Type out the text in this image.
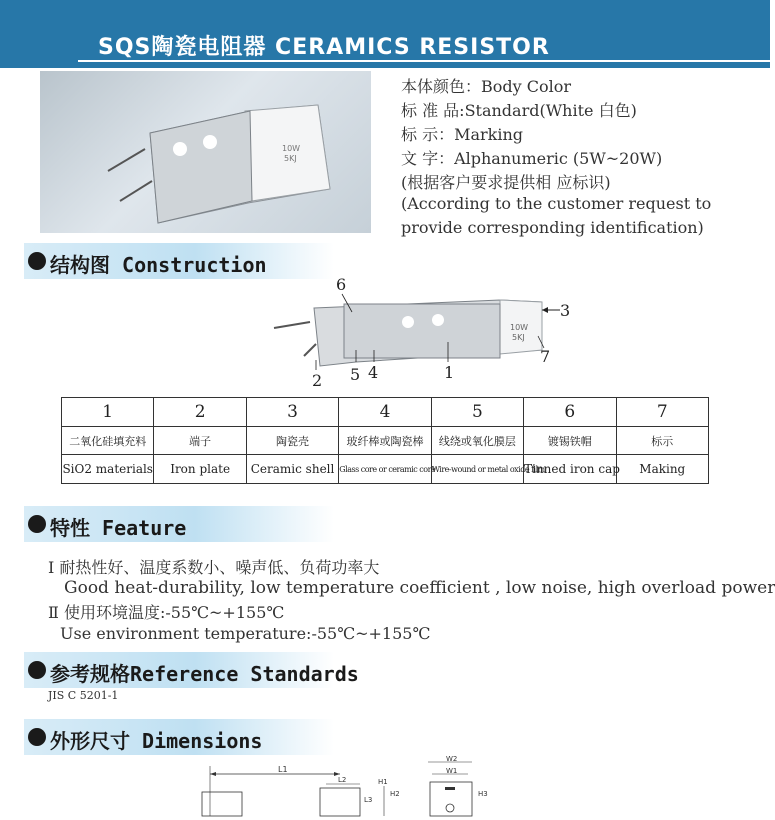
SQS陶瓷电阻器 CERAMICS RESISTOR
10W
5KJ
本体颜色：Body Color
标 准 品:Standard(White 白色)
标 示：Marking
文 字：Alphanumeric (5W~20W)
(根据客户要求提供相 应标识)
(According to the customer request to
provide corresponding identification)
结构图 Construction
10W
5KJ
6
3
7
2 5 4	1
1	2	3	4	5	6	7
二氧化硅填充料	端子	陶瓷壳	玻纤棒或陶瓷棒	线绕或氧化膜层	镀锡铁帽	标示
SiO2 materials	Iron plate	Ceramic shell	Glass core or ceramic core	Wire-wound or metal oxide film	Tinned iron cap	Making
特性 Feature
Ⅰ 耐热性好、温度系数小、噪声低、负荷功率大
Good heat-durability, low temperature coefficient , low noise, high overload power
Ⅱ 使用环境温度:-55℃~+155℃
Use environment temperature:-55℃~+155℃
参考规格Reference Standards
JIS C 5201-1
外形尺寸 Dimensions
L1
L2
L3
H1
H2
W2
W1
H3
